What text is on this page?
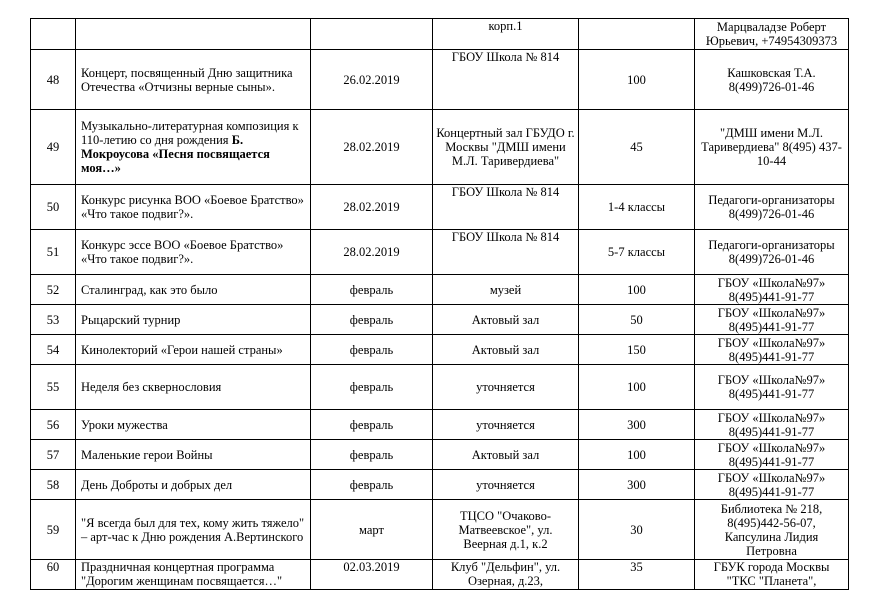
			корп.1		Марцвaладзе Роберт Юрьевич, +74954309373
48	Концерт, посвященный Дню защитника Отечества «Отчизны верные сыны».	26.02.2019	ГБОУ Школа № 814	100	Кашковская Т.А. 8(499)726-01-46
49	Музыкально-литературная композиция к 110-летию со дня рождения Б. Мокроусова «Песня посвящается моя…»	28.02.2019	Концертный зал ГБУДО г. Москвы "ДМШ имени М.Л. Таривердиева"	45	"ДМШ имени М.Л. Таривердиева" 8(495) 437-10-44
50	Конкурс рисунка ВОО «Боевое Братство» «Что такое подвиг?».	28.02.2019	ГБОУ Школа № 814	1-4 классы	Педагоги-организаторы 8(499)726-01-46
51	Конкурс эссе ВОО «Боевое Братство» «Что такое подвиг?».	28.02.2019	ГБОУ Школа № 814	5-7 классы	Педагоги-организаторы 8(499)726-01-46
52	Сталинград, как это было	февраль	музей	100	ГБОУ «Школа№97» 8(495)441-91-77
53	Рыцарский турнир	февраль	Актовый зал	50	ГБОУ «Школа№97» 8(495)441-91-77
54	Кинолекторий «Герои нашей страны»	февраль	Актовый зал	150	ГБОУ «Школа№97» 8(495)441-91-77
55	Неделя без сквернословия	февраль	уточняется	100	ГБОУ «Школа№97» 8(495)441-91-77
56	Уроки мужества	февраль	уточняется	300	ГБОУ «Школа№97» 8(495)441-91-77
57	Маленькие герои Войны	февраль	Актовый зал	100	ГБОУ «Школа№97» 8(495)441-91-77
58	День Доброты и добрых дел	февраль	уточняется	300	ГБОУ «Школа№97» 8(495)441-91-77
59	"Я всегда был для тех, кому жить тяжело" – арт-час к Дню рождения А.Вертинского	март	ТЦСО "Очаково-Матвеевское", ул. Веерная д.1, к.2	30	Библиотека № 218, 8(495)442-56-07, Капсулина Лидия Петровна
60	Праздничная концертная программа "Дорогим женщинам посвящается…"	02.03.2019	Клуб "Дельфин", ул. Озерная, д.23,	35	ГБУК города Москвы "ТКС "Планета",
